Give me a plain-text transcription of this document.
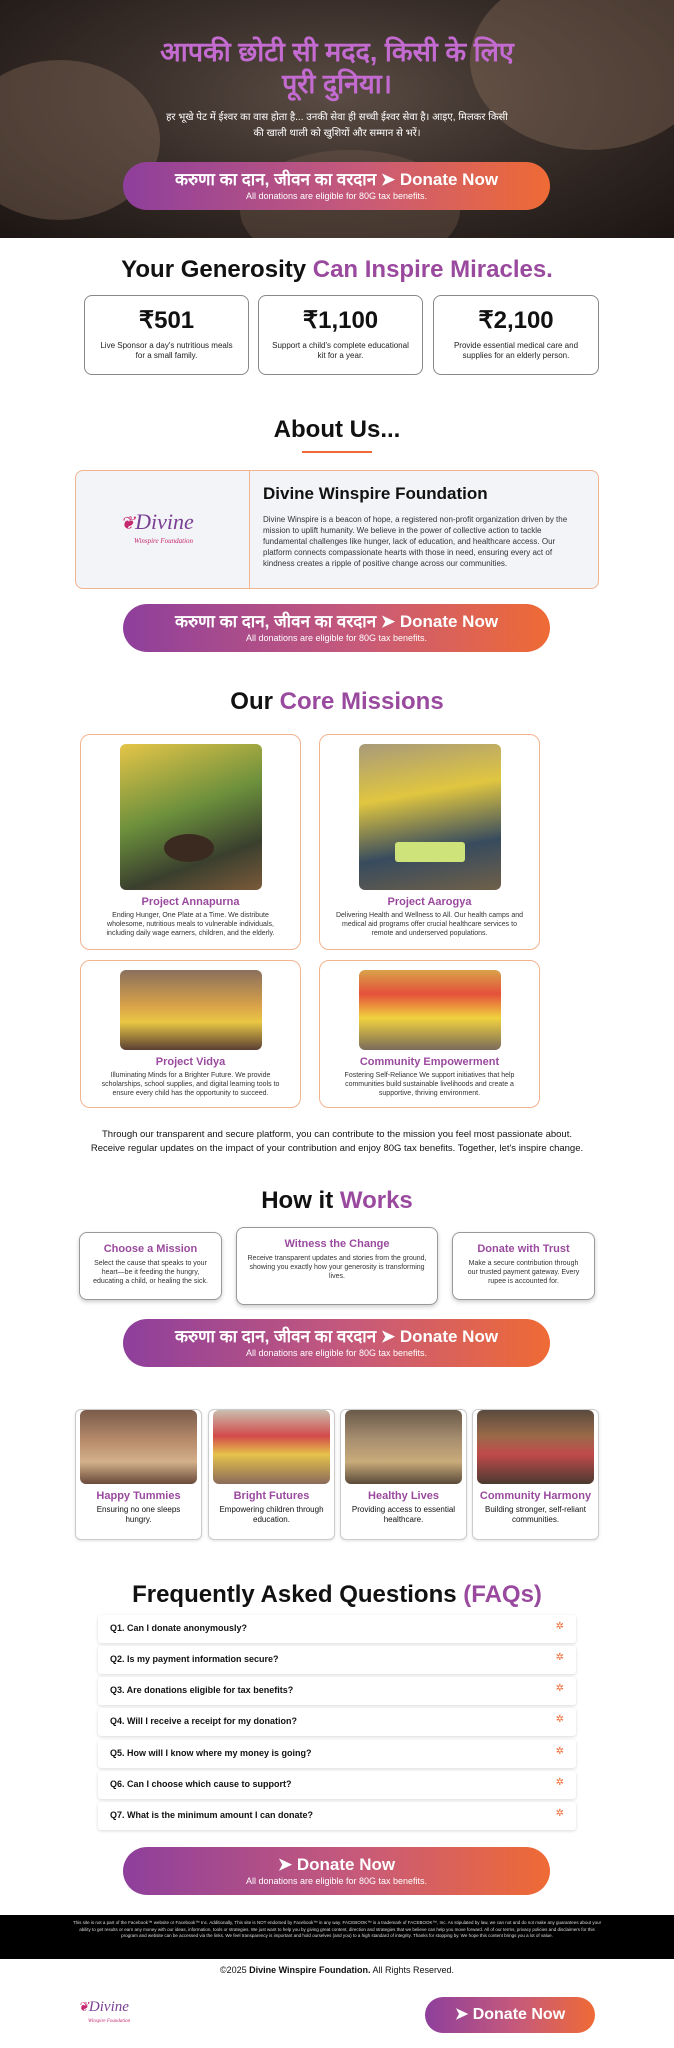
आपकी छोटी सी मदद, किसी के लिए
पूरी दुनिया।
हर भूखे पेट में ईश्वर का वास होता है... उनकी सेवा ही सच्ची ईश्वर सेवा है। आइए, मिलकर किसी
की खाली थाली को खुशियों और सम्मान से भरें।
करुणा का दान, जीवन का वरदान ➤ Donate Now
All donations are eligible for 80G tax benefits.
Your Generosity Can Inspire Miracles.
₹501
Live Sponsor a day's nutritious meals for a small family.
₹1,100
Support a child's complete educational kit for a year.
₹2,100
Provide essential medical care and supplies for an elderly person.
About Us...
❦Divine
Winspire Foundation
Divine Winspire Foundation
Divine Winspire is a beacon of hope, a registered non-profit organization driven by the mission to uplift humanity. We believe in the power of collective action to tackle fundamental challenges like hunger, lack of education, and healthcare access. Our platform connects compassionate hearts with those in need, ensuring every act of kindness creates a ripple of positive change across our communities.
करुणा का दान, जीवन का वरदान ➤ Donate Now
All donations are eligible for 80G tax benefits.
Our Core Missions
Project Annapurna
Ending Hunger, One Plate at a Time. We distribute wholesome, nutritious meals to vulnerable individuals, including daily wage earners, children, and the elderly.
Project Aarogya
Delivering Health and Wellness to All. Our health camps and medical aid programs offer crucial healthcare services to remote and underserved populations.
Project Vidya
Illuminating Minds for a Brighter Future. We provide scholarships, school supplies, and digital learning tools to ensure every child has the opportunity to succeed.
Community Empowerment
Fostering Self-Reliance We support initiatives that help communities build sustainable livelihoods and create a supportive, thriving environment.
Through our transparent and secure platform, you can contribute to the mission you feel most passionate about.
Receive regular updates on the impact of your contribution and enjoy 80G tax benefits. Together, let's inspire change.
How it Works
Choose a Mission
Select the cause that speaks to your heart—be it feeding the hungry, educating a child, or healing the sick.
Witness the Change
Receive transparent updates and stories from the ground, showing you exactly how your generosity is transforming lives.
Donate with Trust
Make a secure contribution through our trusted payment gateway. Every rupee is accounted for.
करुणा का दान, जीवन का वरदान ➤ Donate Now
All donations are eligible for 80G tax benefits.
Happy Tummies
Ensuring no one sleeps hungry.
Bright Futures
Empowering children through education.
Healthy Lives
Providing access to essential healthcare.
Community Harmony
Building stronger, self-reliant communities.
Frequently Asked Questions (FAQs)
Q1. Can I donate anonymously?	✲
Q2. Is my payment information secure?	✲
Q3. Are donations eligible for tax benefits?	✲
Q4. Will I receive a receipt for my donation?	✲
Q5. How will I know where my money is going?	✲
Q6. Can I choose which cause to support?	✲
Q7. What is the minimum amount I can donate?	✲
➤ Donate Now
All donations are eligible for 80G tax benefits.
This site is not a part of the Facebook™ website or Facebook™ Inc. Additionally, This site is NOT endorsed by Facebook™ in any way. FACEBOOK™ is a trademark of FACEBOOK™, Inc. As stipulated by law, we can not and do not make any guarantees about your ability to get results or earn any money with our ideas, information, tools or strategies. We just want to help you by giving great content, direction and strategies that we believe can help you move forward. All of our terms, privacy policies and disclaimers for this program and website can be accessed via the links. We feel transparency is important and hold ourselves (and you) to a high standard of integrity. Thanks for stopping by. We hope this content brings you a lot of value.
©2025 Divine Winspire Foundation. All Rights Reserved.
❦Divine
Winspire Foundation	➤ Donate Now
